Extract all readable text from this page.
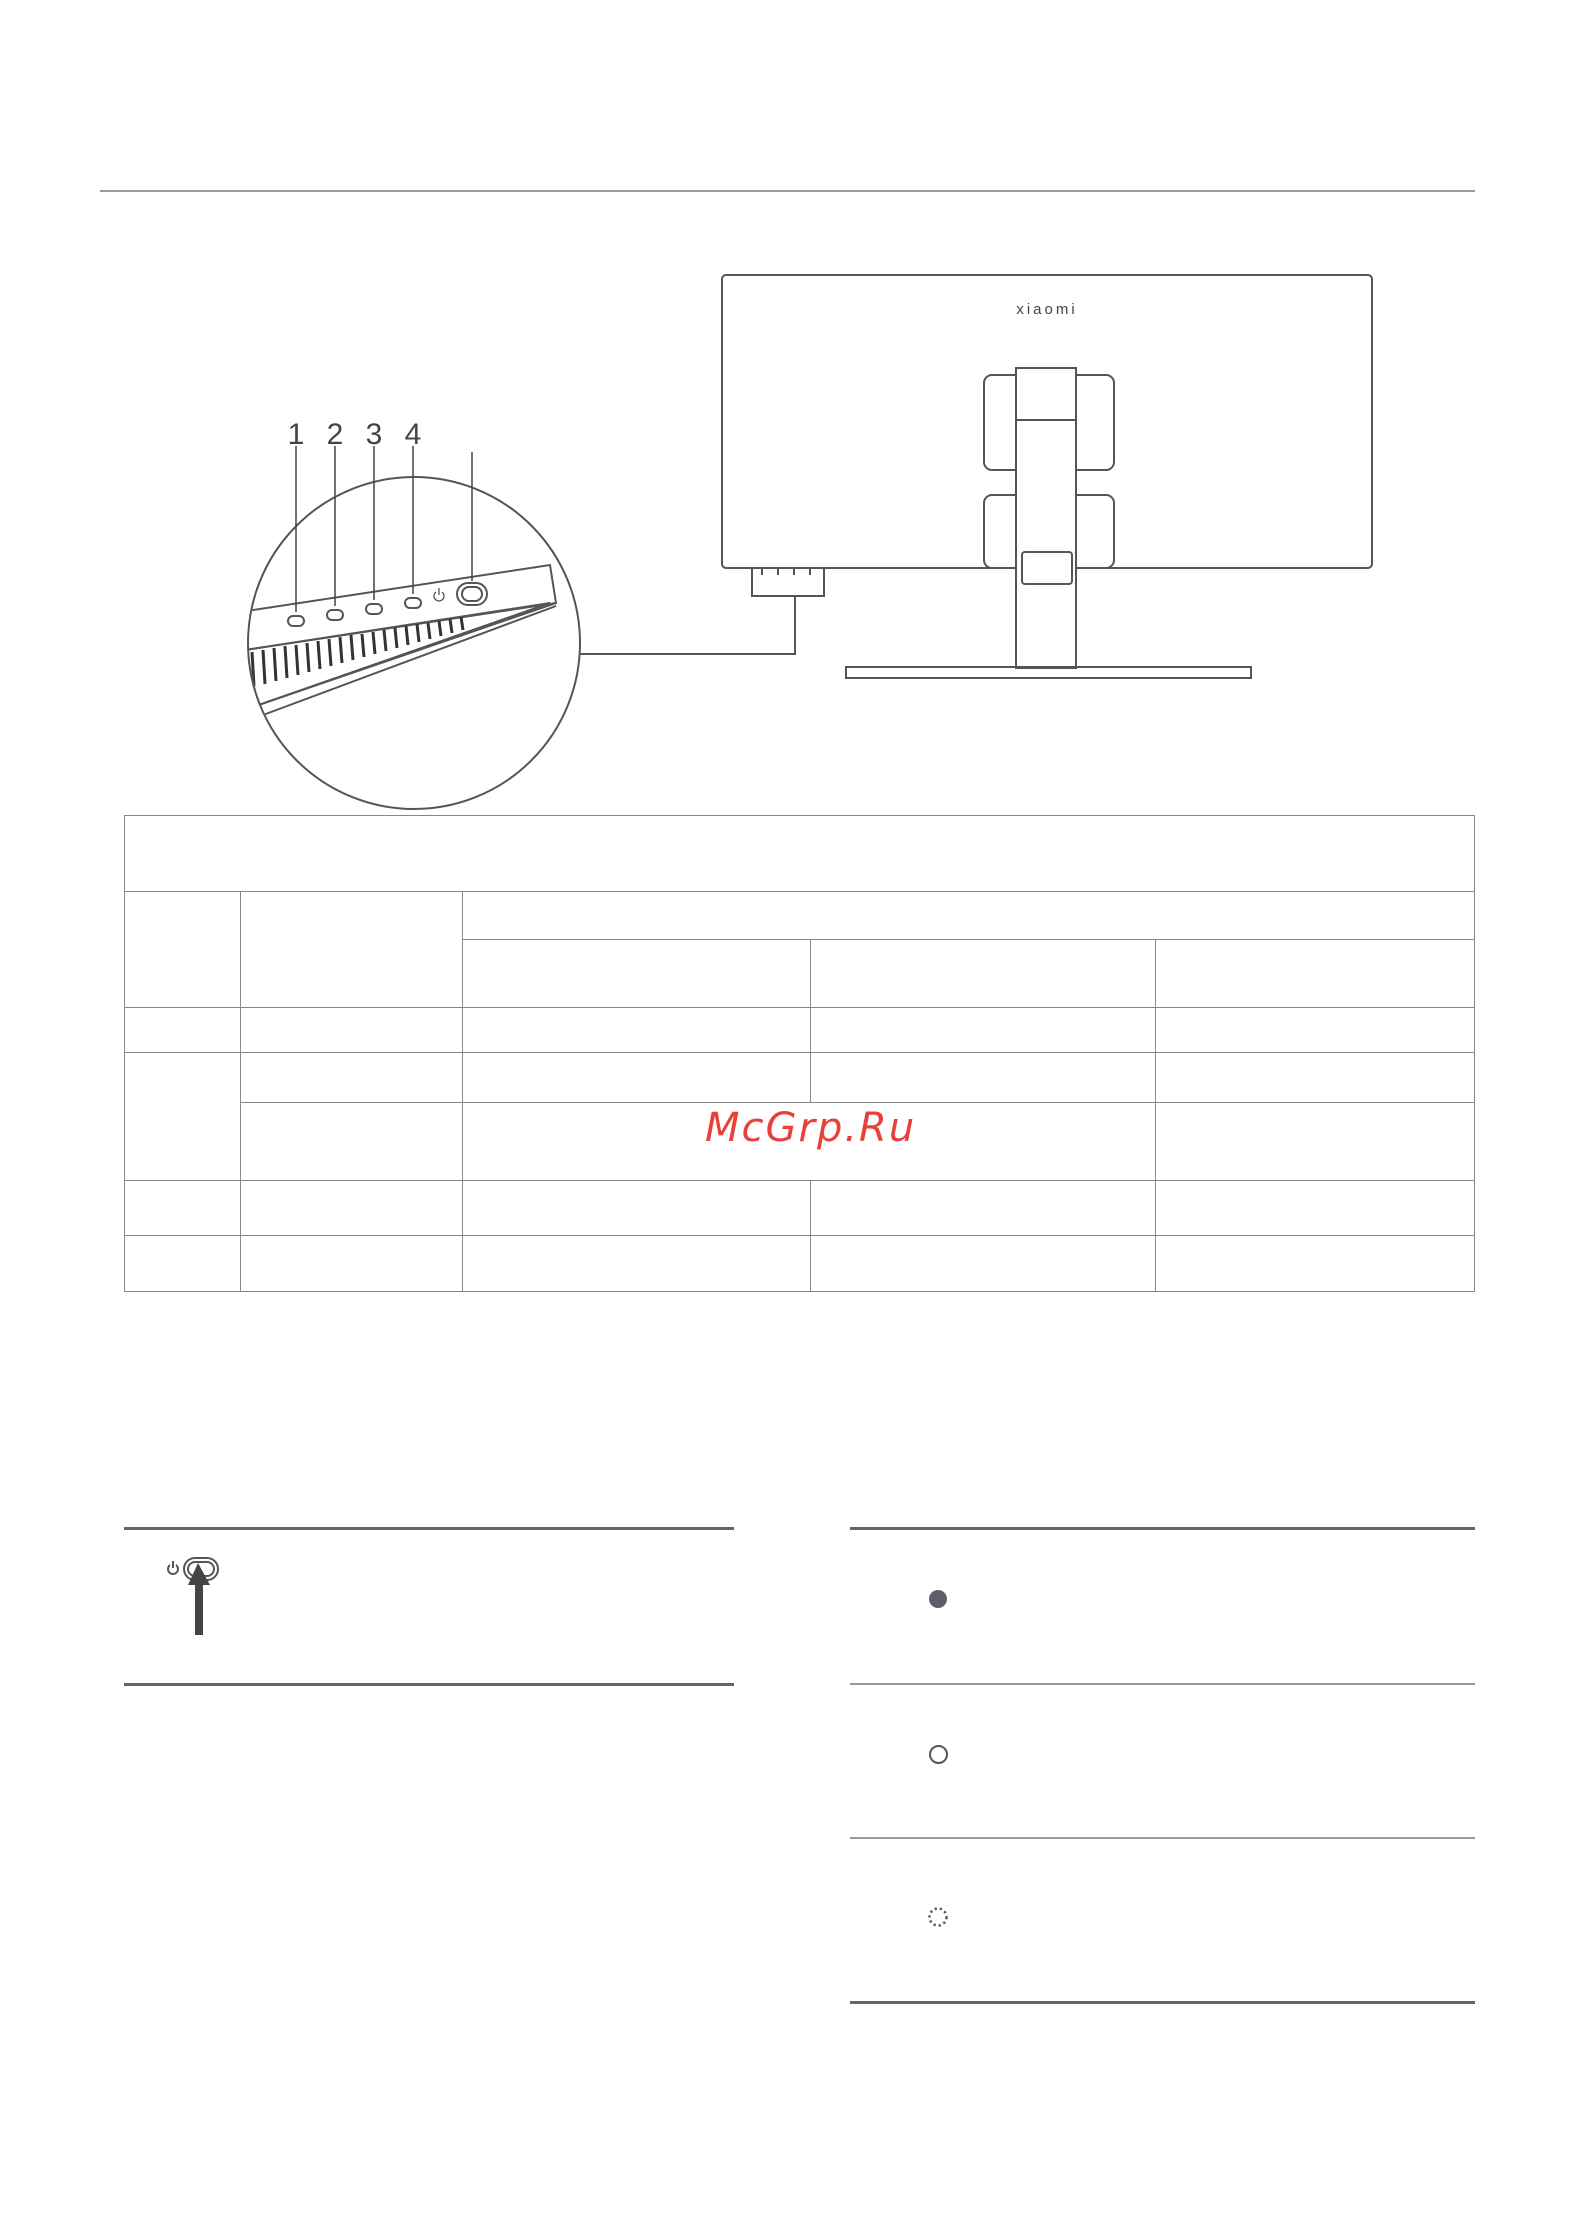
xiaomi
1 2 3 4

McGrp.Ru
